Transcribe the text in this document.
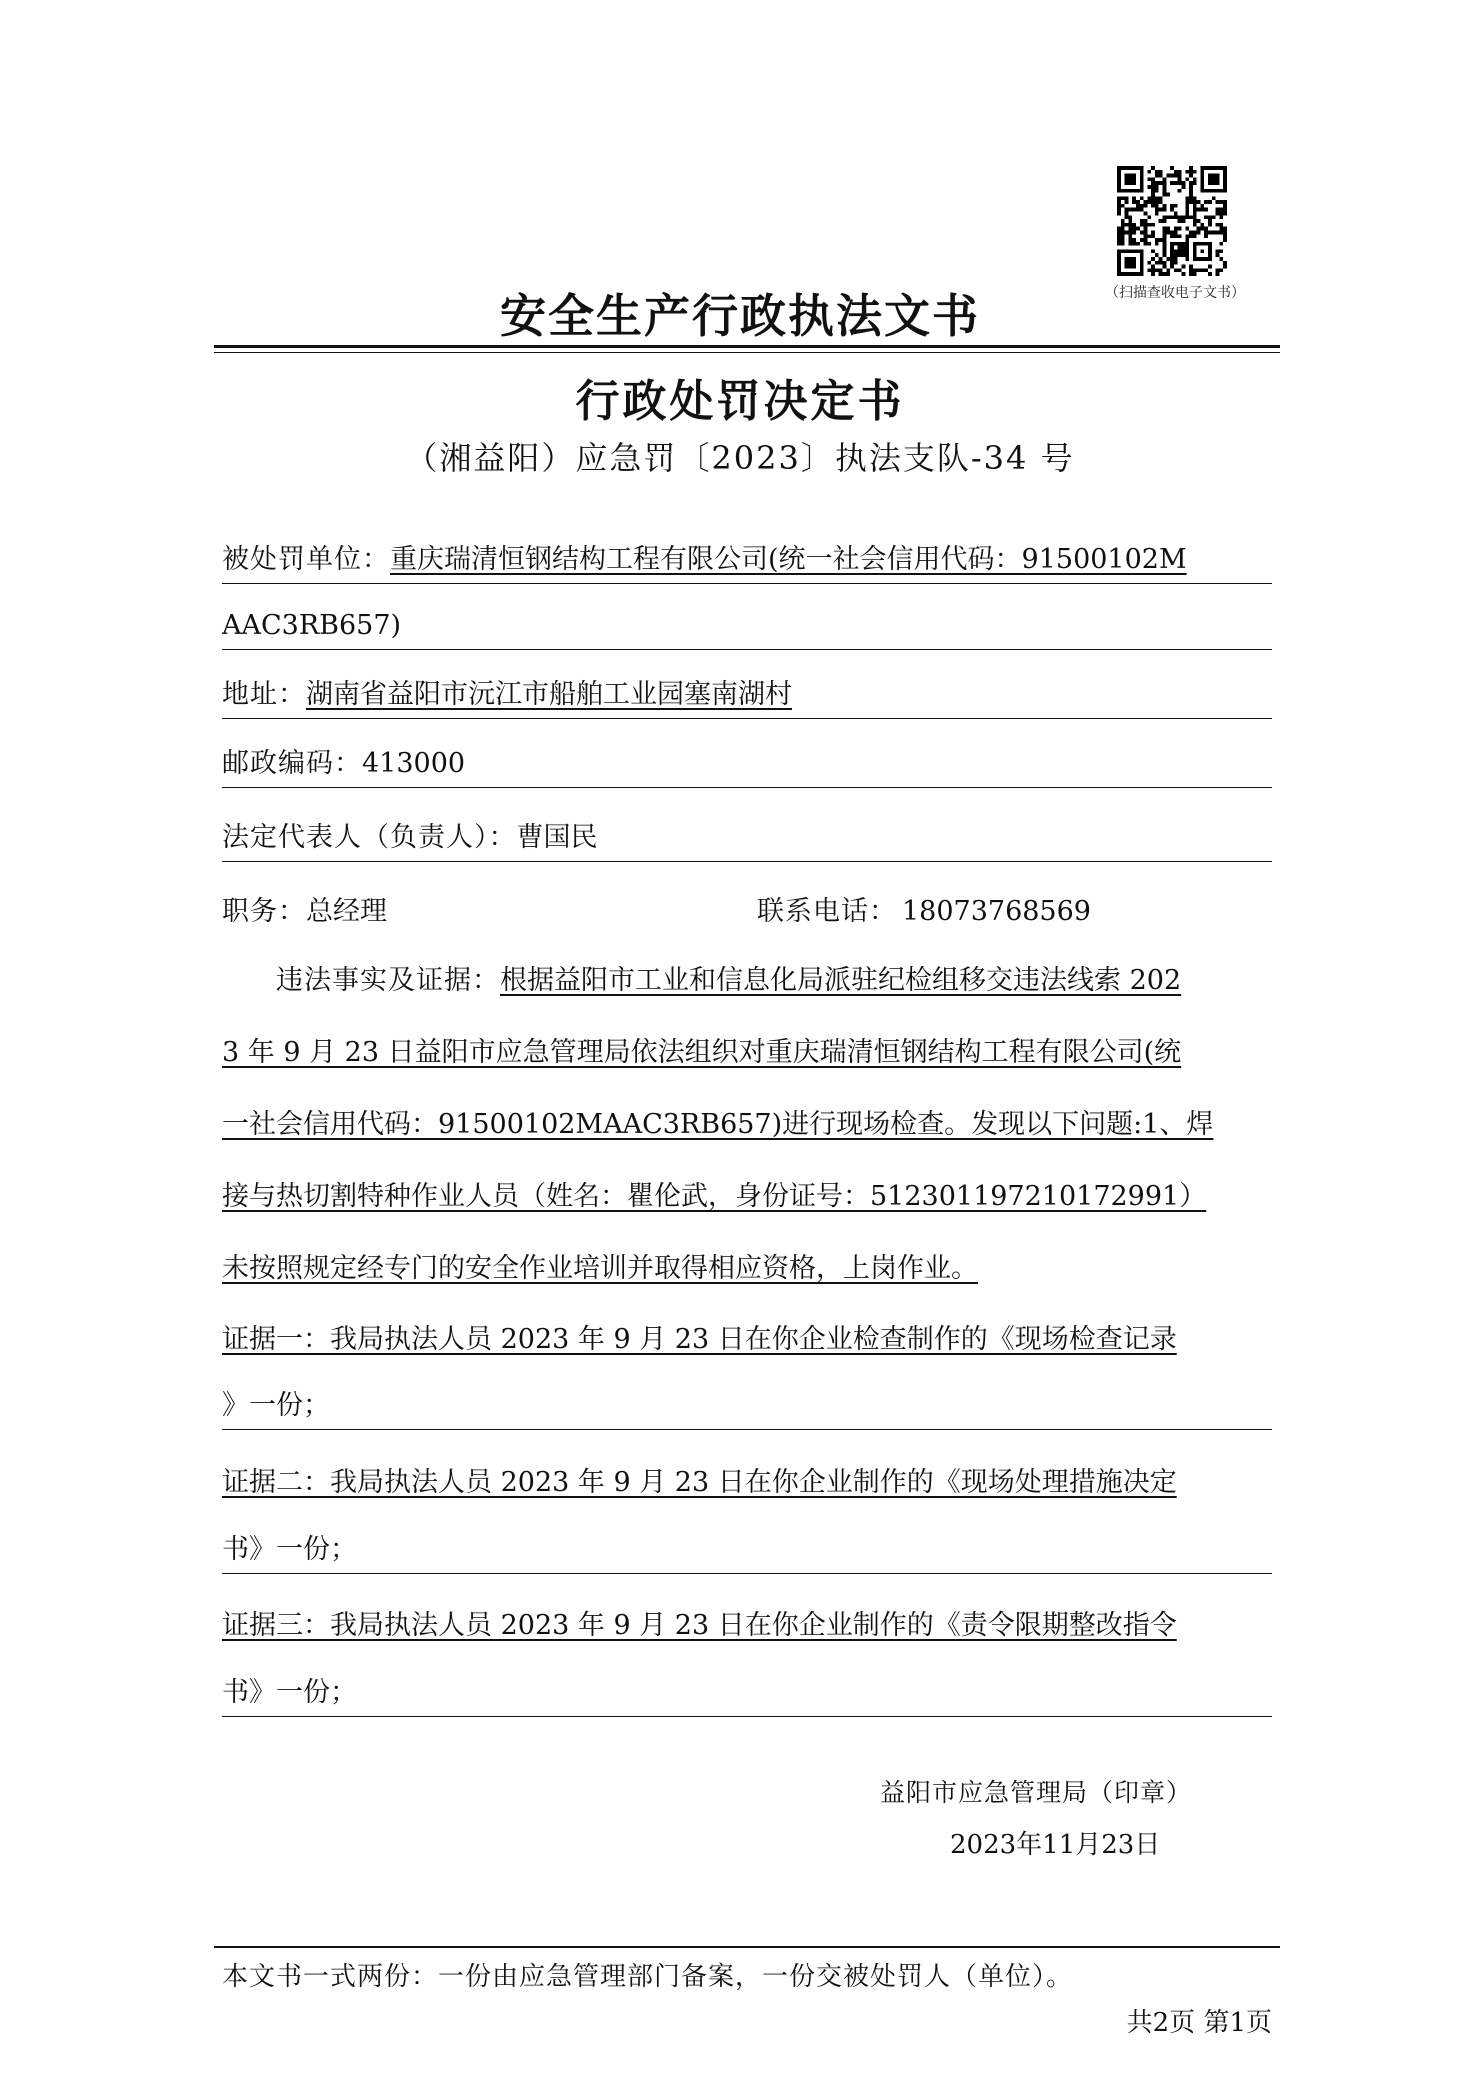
（扫描查收电子文书）
安全生产行政执法文书
行政处罚决定书
（湘益阳）应急罚〔2023〕执法支队-34 号
被处罚单位：重庆瑞清恒钢结构工程有限公司(统一社会信用代码：91500102M
AAC3RB657)
地址：湖南省益阳市沅江市船舶工业园塞南湖村
邮政编码：413000
法定代表人（负责人）：曹国民
职务：总经理	联系电话： 18073768569
违法事实及证据：根据益阳市工业和信息化局派驻纪检组移交违法线索 202
3 年 9 月 23 日益阳市应急管理局依法组织对重庆瑞清恒钢结构工程有限公司(统
一社会信用代码：91500102MAAC3RB657)进行现场检查。发现以下问题:1、焊
接与热切割特种作业人员（姓名：瞿伦武，身份证号：512301197210172991）
未按照规定经专门的安全作业培训并取得相应资格，上岗作业。
证据一：我局执法人员 2023 年 9 月 23 日在你企业检查制作的《现场检查记录
》一份；
证据二：我局执法人员 2023 年 9 月 23 日在你企业制作的《现场处理措施决定
书》一份；
证据三：我局执法人员 2023 年 9 月 23 日在你企业制作的《责令限期整改指令
书》一份；
益阳市应急管理局（印章）
2023年11月23日
本文书一式两份：一份由应急管理部门备案，一份交被处罚人（单位）。
共2页 第1页
